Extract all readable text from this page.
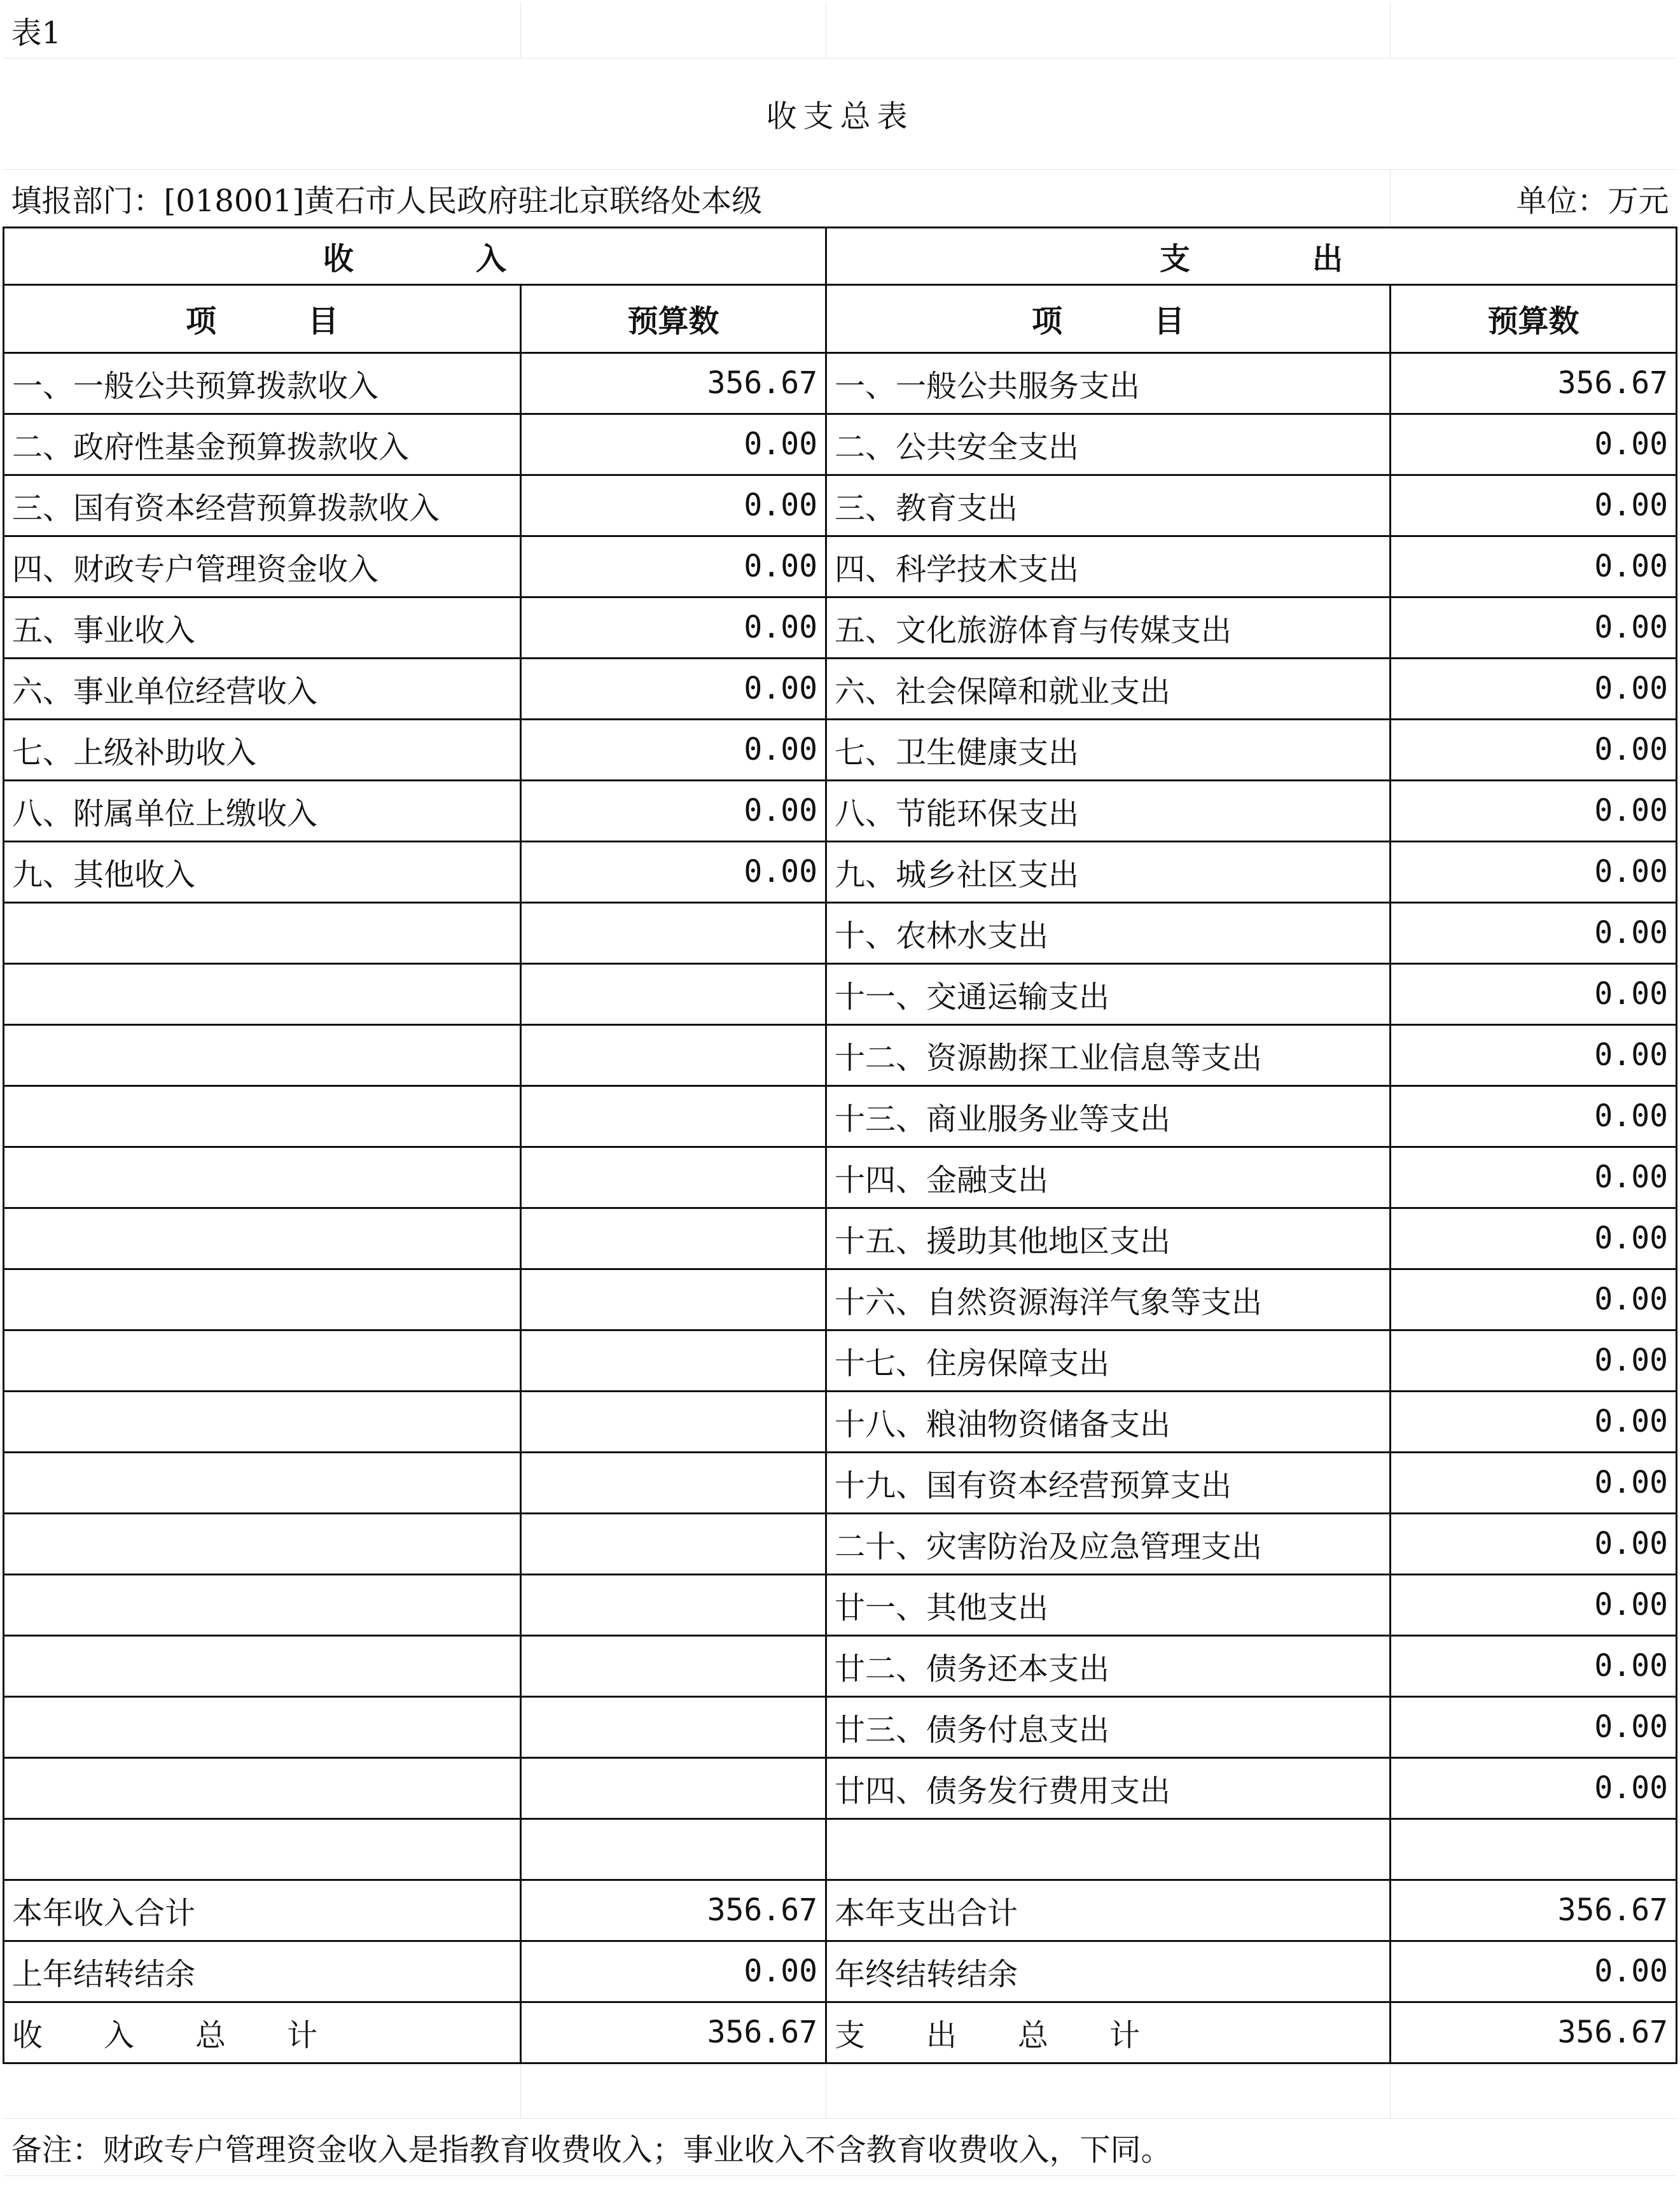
表1			
收支总表			
填报部门：[018001]黄石市人民政府驻北京联络处本级			单位：万元
收　　　　入		支　　　　出	
项　　　目	预算数	项　　　目	预算数
一、一般公共预算拨款收入	356.67	一、一般公共服务支出	356.67
二、政府性基金预算拨款收入	0.00	二、公共安全支出	0.00
三、国有资本经营预算拨款收入	0.00	三、教育支出	0.00
四、财政专户管理资金收入	0.00	四、科学技术支出	0.00
五、事业收入	0.00	五、文化旅游体育与传媒支出	0.00
六、事业单位经营收入	0.00	六、社会保障和就业支出	0.00
七、上级补助收入	0.00	七、卫生健康支出	0.00
八、附属单位上缴收入	0.00	八、节能环保支出	0.00
九、其他收入	0.00	九、城乡社区支出	0.00
		十、农林水支出	0.00
		十一、交通运输支出	0.00
		十二、资源勘探工业信息等支出	0.00
		十三、商业服务业等支出	0.00
		十四、金融支出	0.00
		十五、援助其他地区支出	0.00
		十六、自然资源海洋气象等支出	0.00
		十七、住房保障支出	0.00
		十八、粮油物资储备支出	0.00
		十九、国有资本经营预算支出	0.00
		二十、灾害防治及应急管理支出	0.00
		廿一、其他支出	0.00
		廿二、债务还本支出	0.00
		廿三、债务付息支出	0.00
		廿四、债务发行费用支出	0.00

本年收入合计	356.67	本年支出合计	356.67
上年结转结余	0.00	年终结转结余	0.00
收　　入　　总　　计	356.67	支　　出　　总　　计	356.67

备注：财政专户管理资金收入是指教育收费收入；事业收入不含教育收费收入，下同。			
